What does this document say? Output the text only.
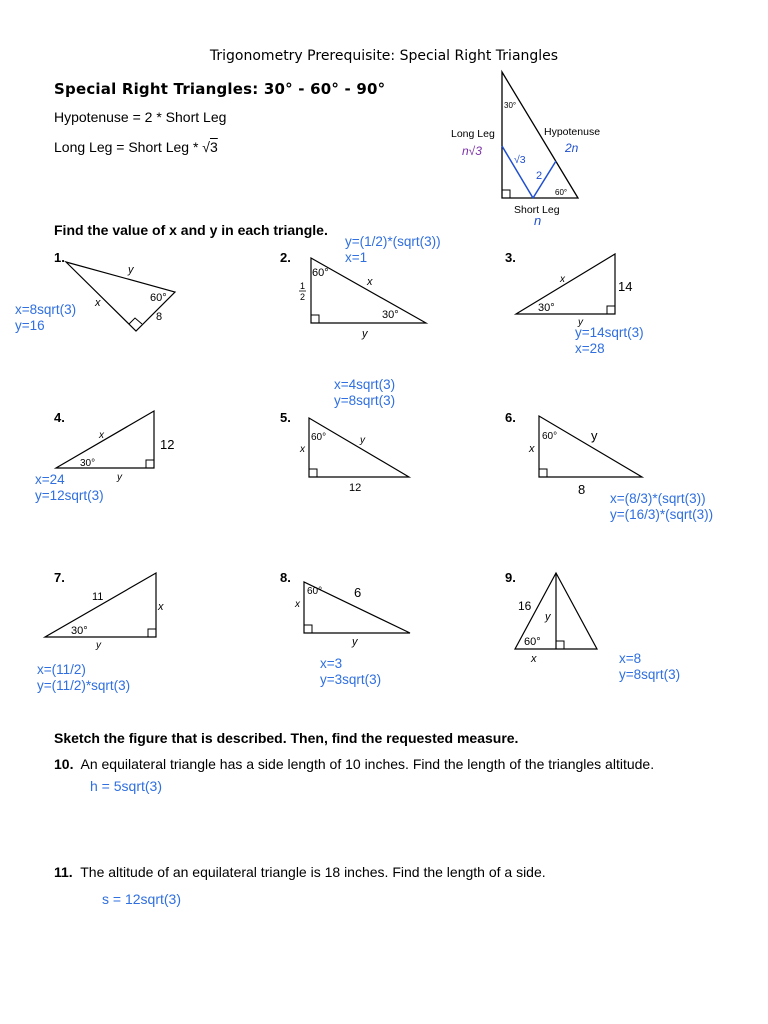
Trigonometry Prerequisite: Special Right Triangles
Special Right Triangles: 30° - 60° - 90°
Hypotenuse = 2 * Short Leg
Long Leg = Short Leg * √3
30°
60°
Long Leg
n√3
Hypotenuse
2n
√3
2
Short Leg
n
Find the value of x and y in each triangle.
1.	2.	3.
4.	5.	6.
7.	8.	9.
y
x	60°
8
60°
30°
x
y
1
2
x
30°
14
y
x
30°
12
y
x
60°	y
12
x
60°	y
8
11
x
30°
y
x
60° 6
y
16
y
60°
x
x=8sqrt(3)
y=16
y=(1/2)*(sqrt(3))
x=1
y=14sqrt(3)
x=28
x=24
y=12sqrt(3)
x=4sqrt(3)
y=8sqrt(3)
x=(8/3)*(sqrt(3))
y=(16/3)*(sqrt(3))
x=(11/2)
y=(11/2)*sqrt(3)
x=3
y=3sqrt(3)
x=8
y=8sqrt(3)
Sketch the figure that is described. Then, find the requested measure.
10. An equilateral triangle has a side length of 10 inches. Find the length of the triangles altitude.
h = 5sqrt(3)
11. The altitude of an equilateral triangle is 18 inches. Find the length of a side.
s = 12sqrt(3)
